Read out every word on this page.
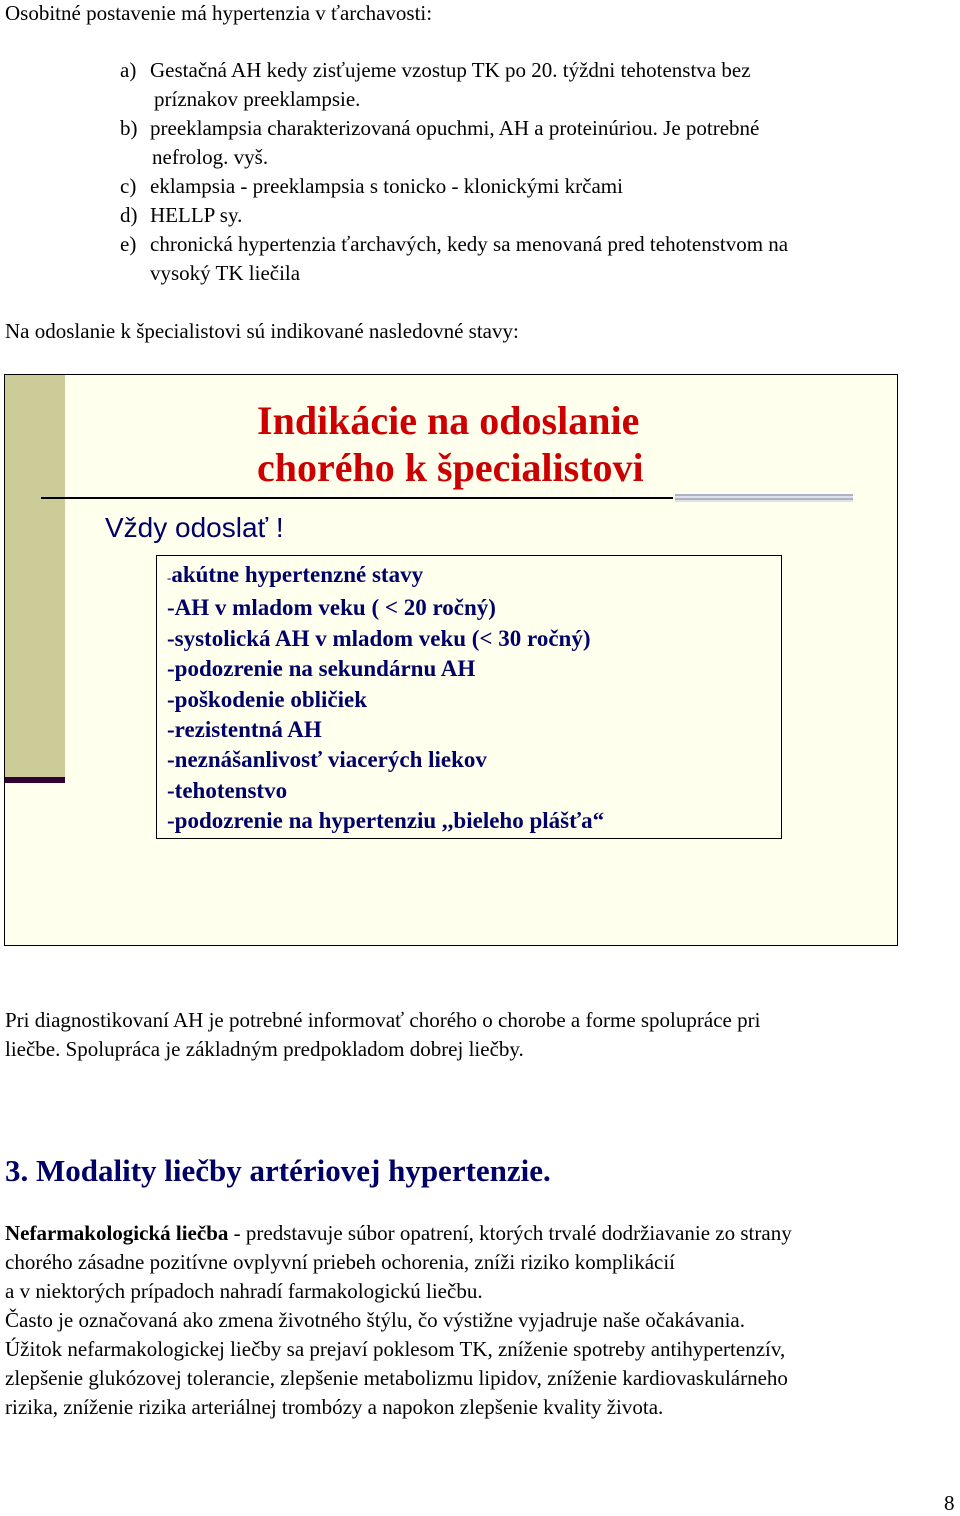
Osobitné postavenie má hypertenzia v ťarchavosti:

a) Gestačná AH kedy zisťujeme vzostup TK po 20. týždni tehotenstva bez
príznakov preeklampsie.
b) preeklampsia charakterizovaná opuchmi, AH a proteinúriou. Je potrebné
nefrolog. vyš.
c) eklampsia - preeklampsia s tonicko - klonickými krčami
d) HELLP sy.
e) chronická hypertenzia ťarchavých, kedy sa menovaná pred tehotenstvom na
vysoký TK liečila

Na odoslanie k špecialistovi sú indikované nasledovné stavy:

Indikácie na odoslanie
chorého k špecialistovi
Vždy odoslať !
-akútne hypertenzné stavy
-AH v mladom veku ( < 20 ročný)
-systolická AH v mladom veku (< 30 ročný)
-podozrenie na sekundárnu AH
-poškodenie obličiek
-rezistentná AH
-neznášanlivosť viacerých liekov
-tehotenstvo
-podozrenie na hypertenziu ,,bieleho plášťa“
Pri diagnostikovaní AH je potrebné informovať chorého o chorobe a forme spolupráce pri
liečbe. Spolupráca je základným predpokladom dobrej liečby.
3. Modality liečby artériovej hypertenzie.
Nefarmakologická liečba - predstavuje súbor opatrení, ktorých trvalé dodržiavanie zo strany
chorého zásadne pozitívne ovplyvní priebeh ochorenia, zníži riziko komplikácií
a v niektorých prípadoch nahradí farmakologickú liečbu.
Často je označovaná ako zmena životného štýlu, čo výstižne vyjadruje naše očakávania.
Úžitok nefarmakologickej liečby sa prejaví poklesom TK, zníženie spotreby antihypertenzív,
zlepšenie glukózovej tolerancie, zlepšenie metabolizmu lipidov, zníženie kardiovaskulárneho
rizika, zníženie rizika arteriálnej trombózy a napokon zlepšenie kvality života.
8
